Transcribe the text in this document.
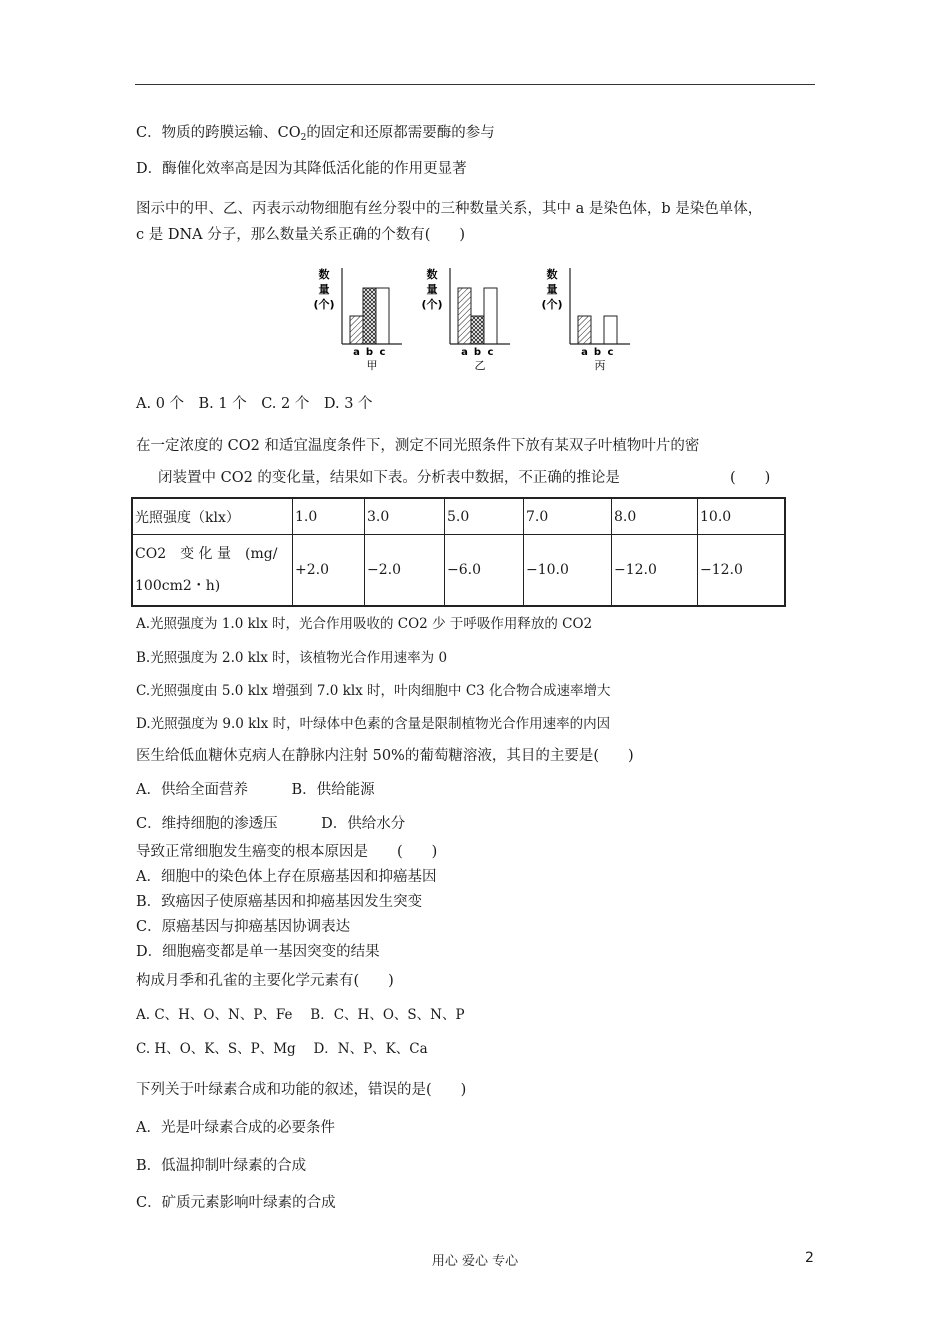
C．物质的跨膜运输、$CO_2$的固定和还原都需要酶的参与
D．酶催化效率高是因为其降低活化能的作用更显著
图示中的甲、乙、丙表示动物细胞有丝分裂中的三种数量关系，其中 a 是染色体，b 是染色单体，
c 是 DNA 分子，那么数量关系正确的个数有(　　)
数
量
(个)
a b c
甲
数
量
(个)
a b c
乙
数
量
(个)
a b c
丙
A. 0 个　B. 1 个　C. 2 个　D. 3 个
在一定浓度的 CO2 和适宜温度条件下，测定不同光照条件下放有某双子叶植物叶片的密
闭装置中 CO2 的变化量，结果如下表。分析表中数据，不正确的推论是	(　　)
光照强度（klx）	1.0	3.0	5.0	7.0	8.0	10.0

CO2　变 化 量　(mg/
100cm2・h)	+2.0	−2.0	−6.0	−10.0	−12.0	−12.0
A.光照强度为 1.0 klx 时，光合作用吸收的 CO2 少 于呼吸作用释放的 CO2
B.光照强度为 2.0 klx 时，该植物光合作用速率为 0
C.光照强度由 5.0 klx 增强到 7.0 klx 时，叶肉细胞中 C3 化合物合成速率增大
D.光照强度为 9.0 klx 时，叶绿体中色素的含量是限制植物光合作用速率的内因
医生给低血糖休克病人在静脉内注射 50%的葡萄糖溶液，其目的主要是(　　)
A．供给全面营养　　　B．供给能源
C．维持细胞的渗透压　　　D．供给水分
导致正常细胞发生癌变的根本原因是　　(　　)
A．细胞中的染色体上存在原癌基因和抑癌基因
B．致癌因子使原癌基因和抑癌基因发生突变
C．原癌基因与抑癌基因协调表达
D．细胞癌变都是单一基因突变的结果
构成月季和孔雀的主要化学元素有(　　)
A. C、H、O、N、P、Fe　 B．C、H、O、S、N、P
C. H、O、K、S、P、Mg　 D．N、P、K、Ca
下列关于叶绿素合成和功能的叙述，错误的是(　　)
A．光是叶绿素合成的必要条件
B．低温抑制叶绿素的合成
C．矿质元素影响叶绿素的合成
用心 爱心 专心	2
